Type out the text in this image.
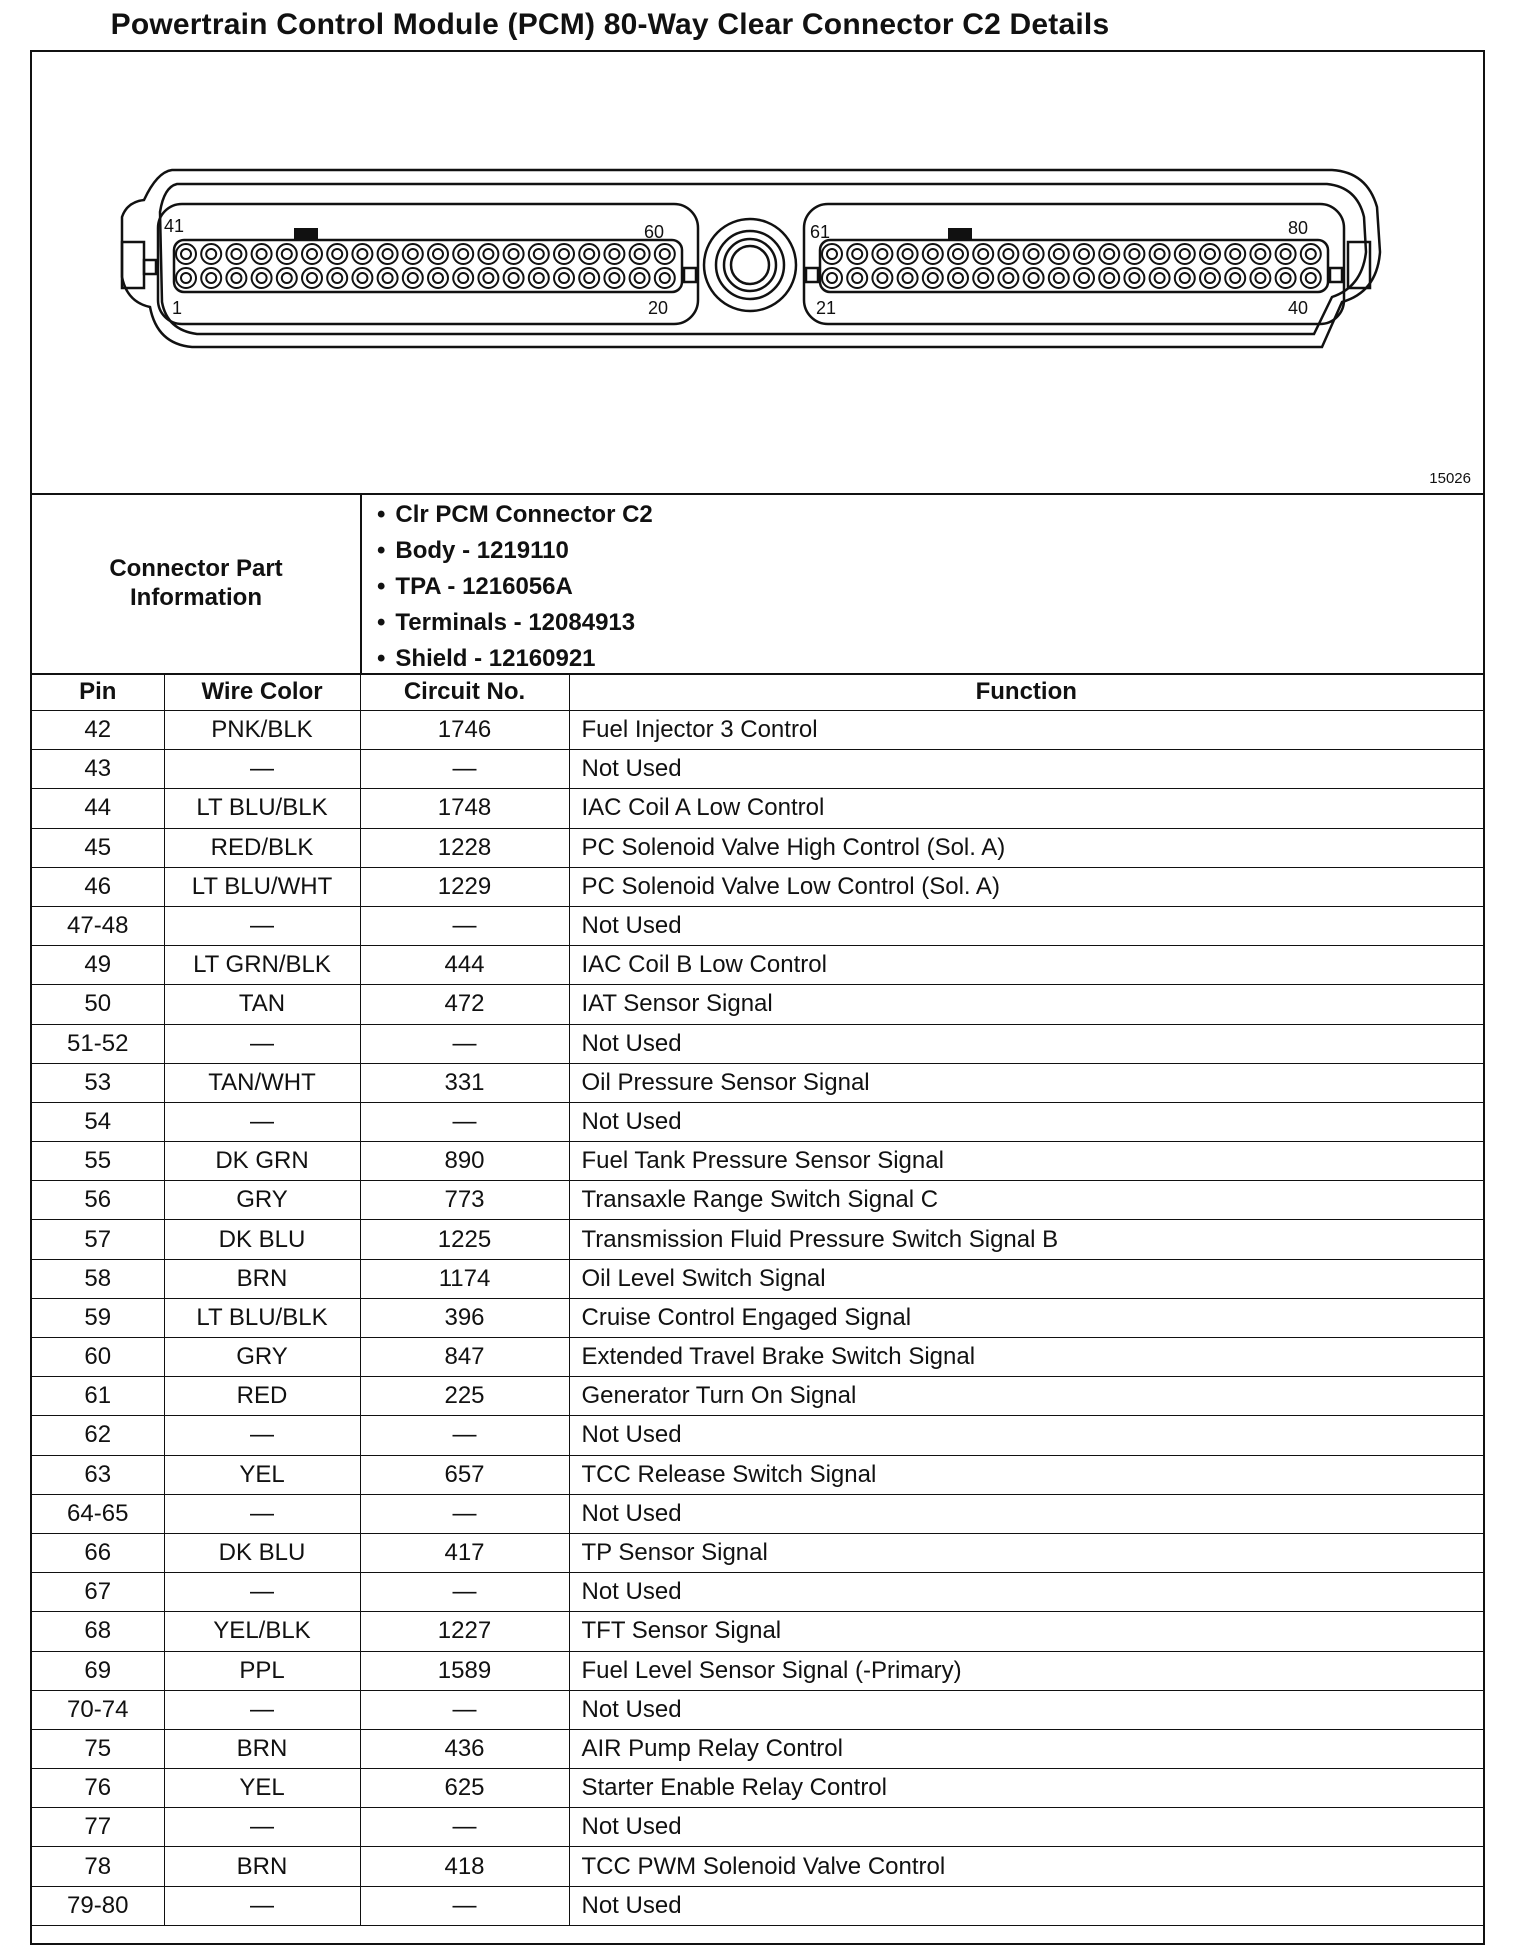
Powertrain Control Module (PCM) 80-Way Clear Connector C2 Details
41	60
1	20
61	80
21	40
15026
Connector Part
Information
• Clr PCM Connector C2
• Body - 1219110
• TPA - 1216056A
• Terminals - 12084913
• Shield - 12160921
Pin	Wire Color	Circuit No.	Function
42	PNK/BLK	1746	Fuel Injector 3 Control
43	—	—	Not Used
44	LT BLU/BLK	1748	IAC Coil A Low Control
45	RED/BLK	1228	PC Solenoid Valve High Control (Sol. A)
46	LT BLU/WHT	1229	PC Solenoid Valve Low Control (Sol. A)
47-48	—	—	Not Used
49	LT GRN/BLK	444	IAC Coil B Low Control
50	TAN	472	IAT Sensor Signal
51-52	—	—	Not Used
53	TAN/WHT	331	Oil Pressure Sensor Signal
54	—	—	Not Used
55	DK GRN	890	Fuel Tank Pressure Sensor Signal
56	GRY	773	Transaxle Range Switch Signal C
57	DK BLU	1225	Transmission Fluid Pressure Switch Signal B
58	BRN	1174	Oil Level Switch Signal
59	LT BLU/BLK	396	Cruise Control Engaged Signal
60	GRY	847	Extended Travel Brake Switch Signal
61	RED	225	Generator Turn On Signal
62	—	—	Not Used
63	YEL	657	TCC Release Switch Signal
64-65	—	—	Not Used
66	DK BLU	417	TP Sensor Signal
67	—	—	Not Used
68	YEL/BLK	1227	TFT Sensor Signal
69	PPL	1589	Fuel Level Sensor Signal (-Primary)
70-74	—	—	Not Used
75	BRN	436	AIR Pump Relay Control
76	YEL	625	Starter Enable Relay Control
77	—	—	Not Used
78	BRN	418	TCC PWM Solenoid Valve Control
79-80	—	—	Not Used
